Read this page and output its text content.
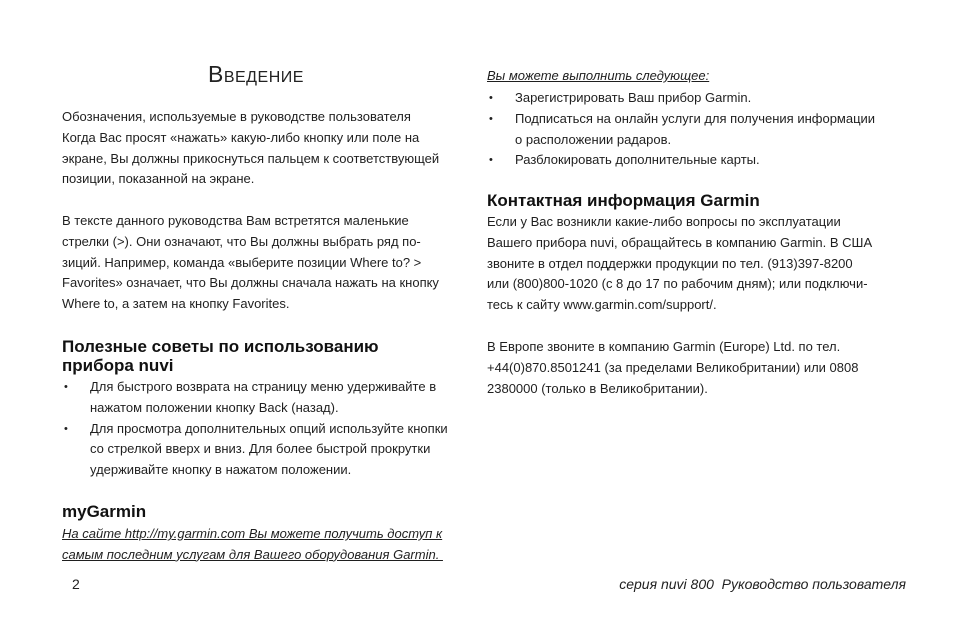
Введение
Обозначения, используемые в руководстве пользователя
Когда Вас просят «нажать» какую-либо кнопку или поле на
экране, Вы должны прикоснуться пальцем к соответствующей
позиции, показанной на экране.
В тексте данного руководства Вам встретятся маленькие
стрелки (>). Они означают, что Вы должны выбрать ряд по-
зиций. Например, команда «выберите позиции Where to? >
Favorites» означает, что Вы должны сначала нажать на кнопку
Where to, а затем на кнопку Favorites.
Полезные советы по использованию
прибора nuvi
• Для быстрого возврата на страницу меню удерживайте в
нажатом положении кнопку Back (назад).
• Для просмотра дополнительных опций используйте кнопки
со стрелкой вверх и вниз. Для более быстрой прокрутки
удерживайте кнопку в нажатом положении.
myGarmin
На сайте http://my.garmin.com Вы можете получить доступ к
самым последним услугам для Вашего оборудования Garmin.
Вы можете выполнить следующее:
• Зарегистрировать Ваш прибор Garmin.
• Подписаться на онлайн услуги для получения информации
о расположении радаров.
• Разблокировать дополнительные карты.
Контактная информация Garmin
Если у Вас возникли какие-либо вопросы по эксплуатации
Вашего прибора nuvi, обращайтесь в компанию Garmin. В США
звоните в отдел поддержки продукции по тел. (913)397-8200
или (800)800-1020 (с 8 до 17 по рабочим дням); или подключи-
тесь к сайту www.garmin.com/support/.
В Европе звоните в компанию Garmin (Europe) Ltd. по тел.
+44(0)870.8501241 (за пределами Великобритании) или 0808
2380000 (только в Великобритании).
2	серия nuvi 800  Руководство пользователя
